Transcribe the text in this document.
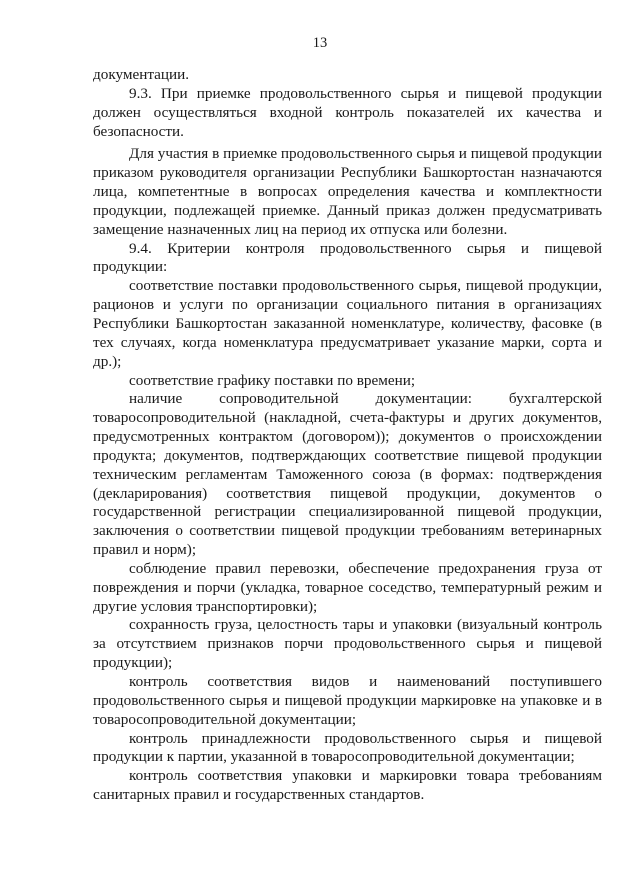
13

документации.

9.3. При приемке продовольственного сырья и пищевой продукции должен осуществляться входной контроль показателей их качества и безопасности.

Для участия в приемке продовольственного сырья и пищевой продукции приказом руководителя организации Республики Башкортостан назначаются лица, компетентные в вопросах определения качества и комплектности продукции, подлежащей приемке. Данный приказ должен предусматривать замещение назначенных лиц на период их отпуска или болезни.

9.4. Критерии контроля продовольственного сырья и пищевой продукции:

соответствие поставки продовольственного сырья, пищевой продукции, рационов и услуги по организации социального питания в организациях Республики Башкортостан заказанной номенклатуре, количеству, фасовке (в тех случаях, когда номенклатура предусматривает указание марки, сорта и др.);

соответствие графику поставки по времени;

наличие сопроводительной документации: бухгалтерской товаросопроводительной (накладной, счета-фактуры и других документов, предусмотренных контрактом (договором)); документов о происхождении продукта; документов, подтверждающих соответствие пищевой продукции техническим регламентам Таможенного союза (в формах: подтверждения (декларирования) соответствия пищевой продукции, документов о государственной регистрации специализированной пищевой продукции, заключения о соответствии пищевой продукции требованиям ветеринарных правил и норм);

соблюдение правил перевозки, обеспечение предохранения груза от повреждения и порчи (укладка, товарное соседство, температурный режим и другие условия транспортировки);

сохранность груза, целостность тары и упаковки (визуальный контроль за отсутствием признаков порчи продовольственного сырья и пищевой продукции);

контроль соответствия видов и наименований поступившего продовольственного сырья и пищевой продукции маркировке на упаковке и в товаросопроводительной документации;

контроль принадлежности продовольственного сырья и пищевой продукции к партии, указанной в товаросопроводительной документации;

контроль соответствия упаковки и маркировки товара требованиям санитарных правил и государственных стандартов.
